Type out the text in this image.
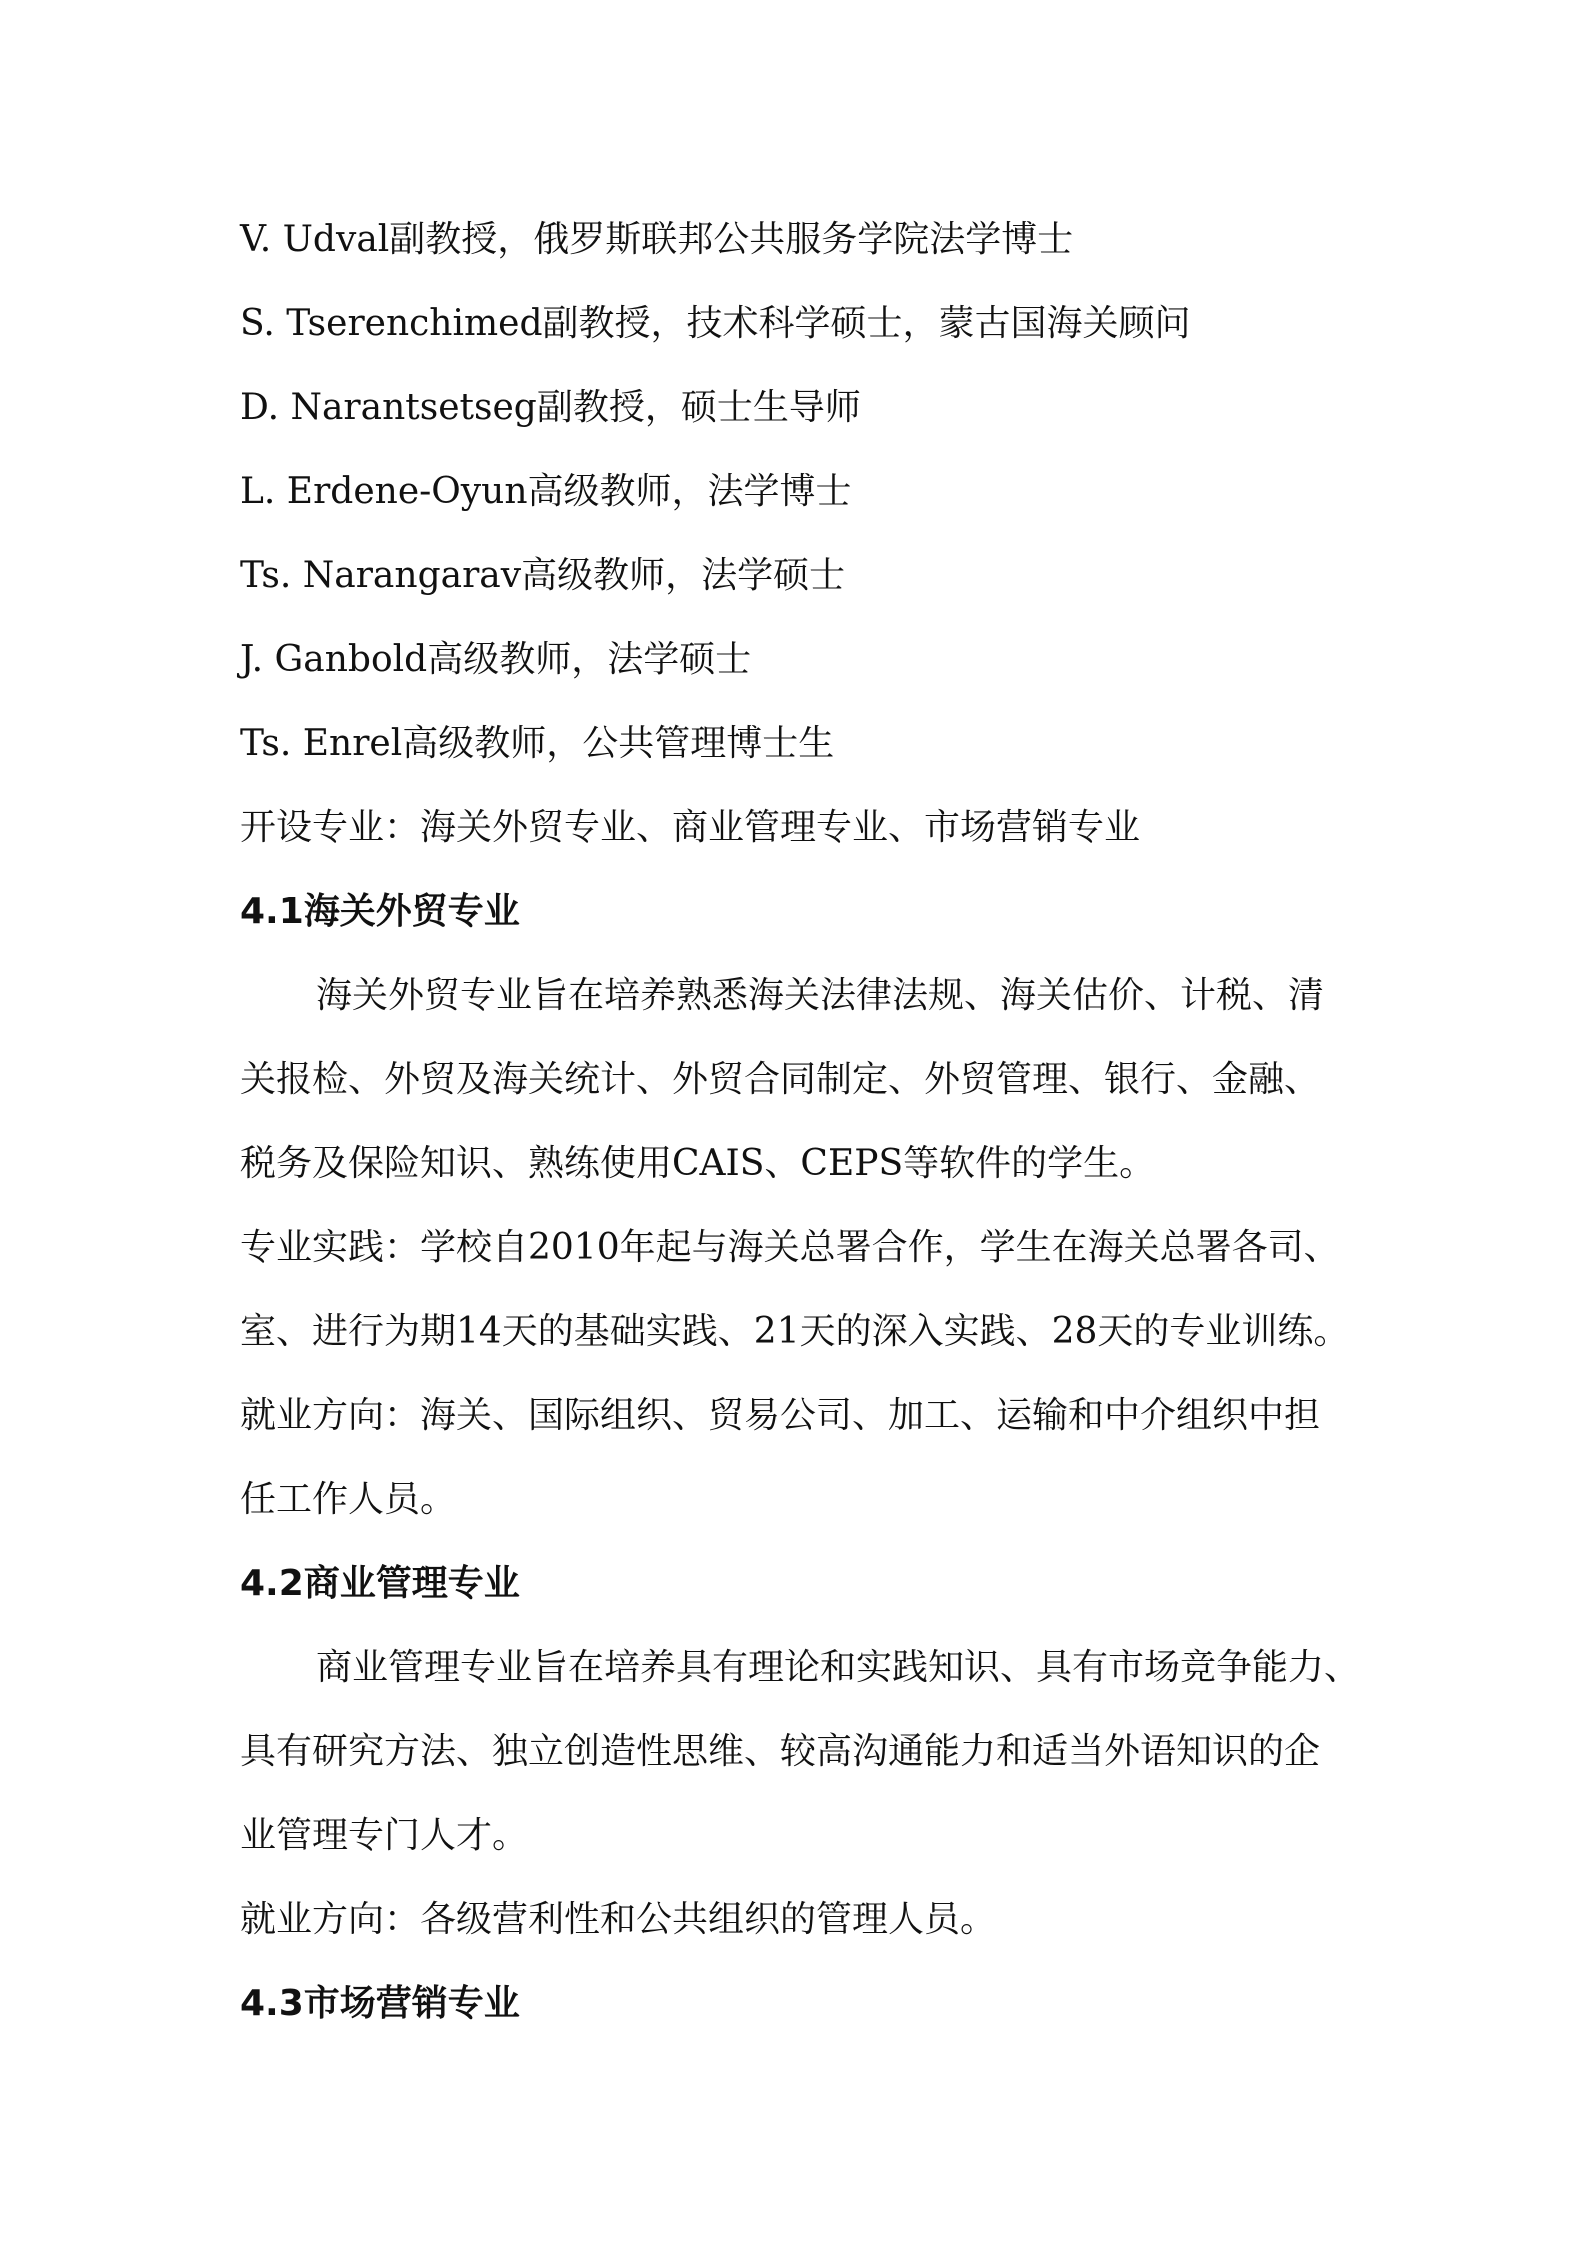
V. Udval副教授，俄罗斯联邦公共服务学院法学博士

S. Tserenchimed副教授，技术科学硕士，蒙古国海关顾问

D. Narantsetseg副教授，硕士生导师

L. Erdene-Oyun高级教师，法学博士

Ts. Narangarav高级教师，法学硕士

J. Ganbold高级教师，法学硕士

Ts. Enrel高级教师，公共管理博士生

开设专业：海关外贸专业、商业管理专业、市场营销专业

4.1海关外贸专业

海关外贸专业旨在培养熟悉海关法律法规、海关估价、计税、清

关报检、外贸及海关统计、外贸合同制定、外贸管理、银行、金融、

税务及保险知识、熟练使用CAIS、CEPS等软件的学生。

专业实践：学校自2010年起与海关总署合作，学生在海关总署各司、

室、进行为期14天的基础实践、21天的深入实践、28天的专业训练。

就业方向：海关、国际组织、贸易公司、加工、运输和中介组织中担

任工作人员。

4.2商业管理专业

商业管理专业旨在培养具有理论和实践知识、具有市场竞争能力、

具有研究方法、独立创造性思维、较高沟通能力和适当外语知识的企

业管理专门人才。

就业方向：各级营利性和公共组织的管理人员。

4.3市场营销专业
